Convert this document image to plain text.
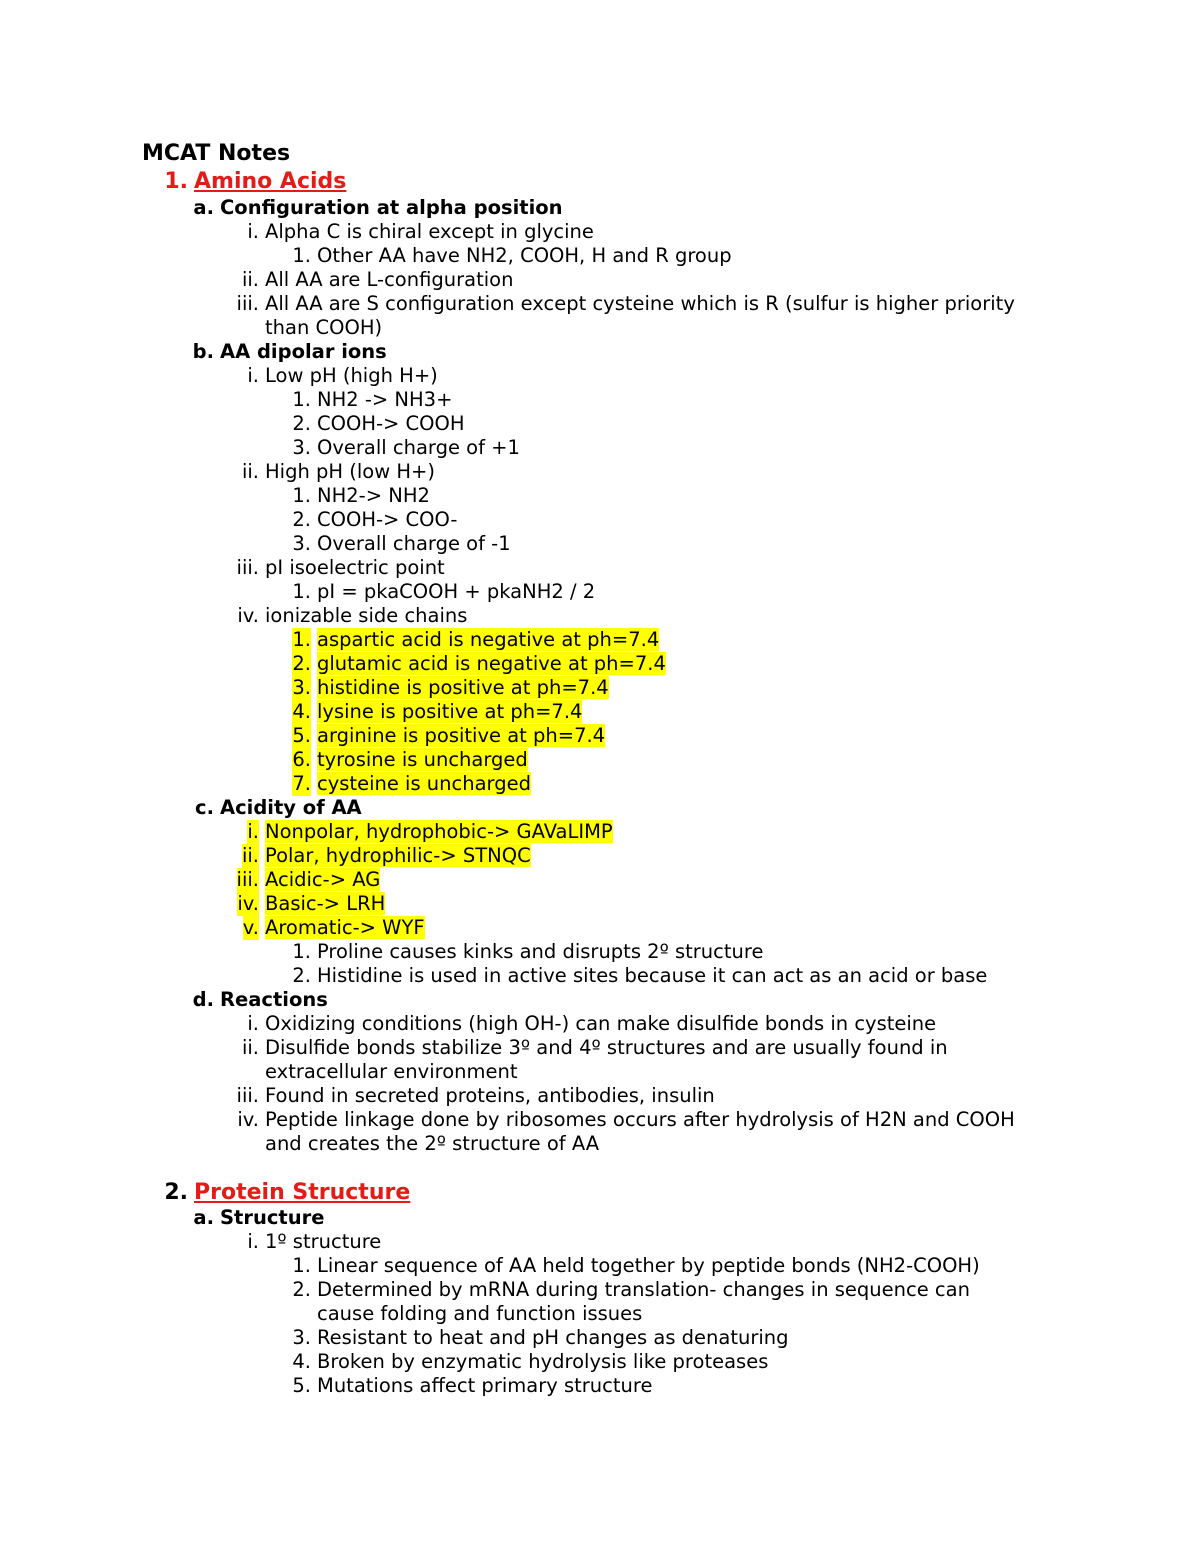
MCAT Notes
1. Amino Acids
a. Configuration at alpha position
i. Alpha C is chiral except in glycine
1. Other AA have NH2, COOH, H and R group
ii. All AA are L-configuration
iii. All AA are S configuration except cysteine which is R (sulfur is higher priority
than COOH)
b. AA dipolar ions
i. Low pH (high H+)
1. NH2 -> NH3+
2. COOH-> COOH
3. Overall charge of +1
ii. High pH (low H+)
1. NH2-> NH2
2. COOH-> COO-
3. Overall charge of -1
iii. pI isoelectric point
1. pI = pkaCOOH + pkaNH2 / 2
iv. ionizable side chains
1. aspartic acid is negative at ph=7.4
2. glutamic acid is negative at ph=7.4
3. histidine is positive at ph=7.4
4. lysine is positive at ph=7.4
5. arginine is positive at ph=7.4
6. tyrosine is uncharged
7. cysteine is uncharged
c. Acidity of AA
i. Nonpolar, hydrophobic-> GAVaLIMP
ii. Polar, hydrophilic-> STNQC
iii. Acidic-> AG
iv. Basic-> LRH
v. Aromatic-> WYF
1. Proline causes kinks and disrupts 2º structure
2. Histidine is used in active sites because it can act as an acid or base
d. Reactions
i. Oxidizing conditions (high OH-) can make disulfide bonds in cysteine
ii. Disulfide bonds stabilize 3º and 4º structures and are usually found in
extracellular environment
iii. Found in secreted proteins, antibodies, insulin
iv. Peptide linkage done by ribosomes occurs after hydrolysis of H2N and COOH
and creates the 2º structure of AA
2. Protein Structure
a. Structure
i. 1º structure
1. Linear sequence of AA held together by peptide bonds (NH2-COOH)
2. Determined by mRNA during translation- changes in sequence can
cause folding and function issues
3. Resistant to heat and pH changes as denaturing
4. Broken by enzymatic hydrolysis like proteases
5. Mutations affect primary structure
